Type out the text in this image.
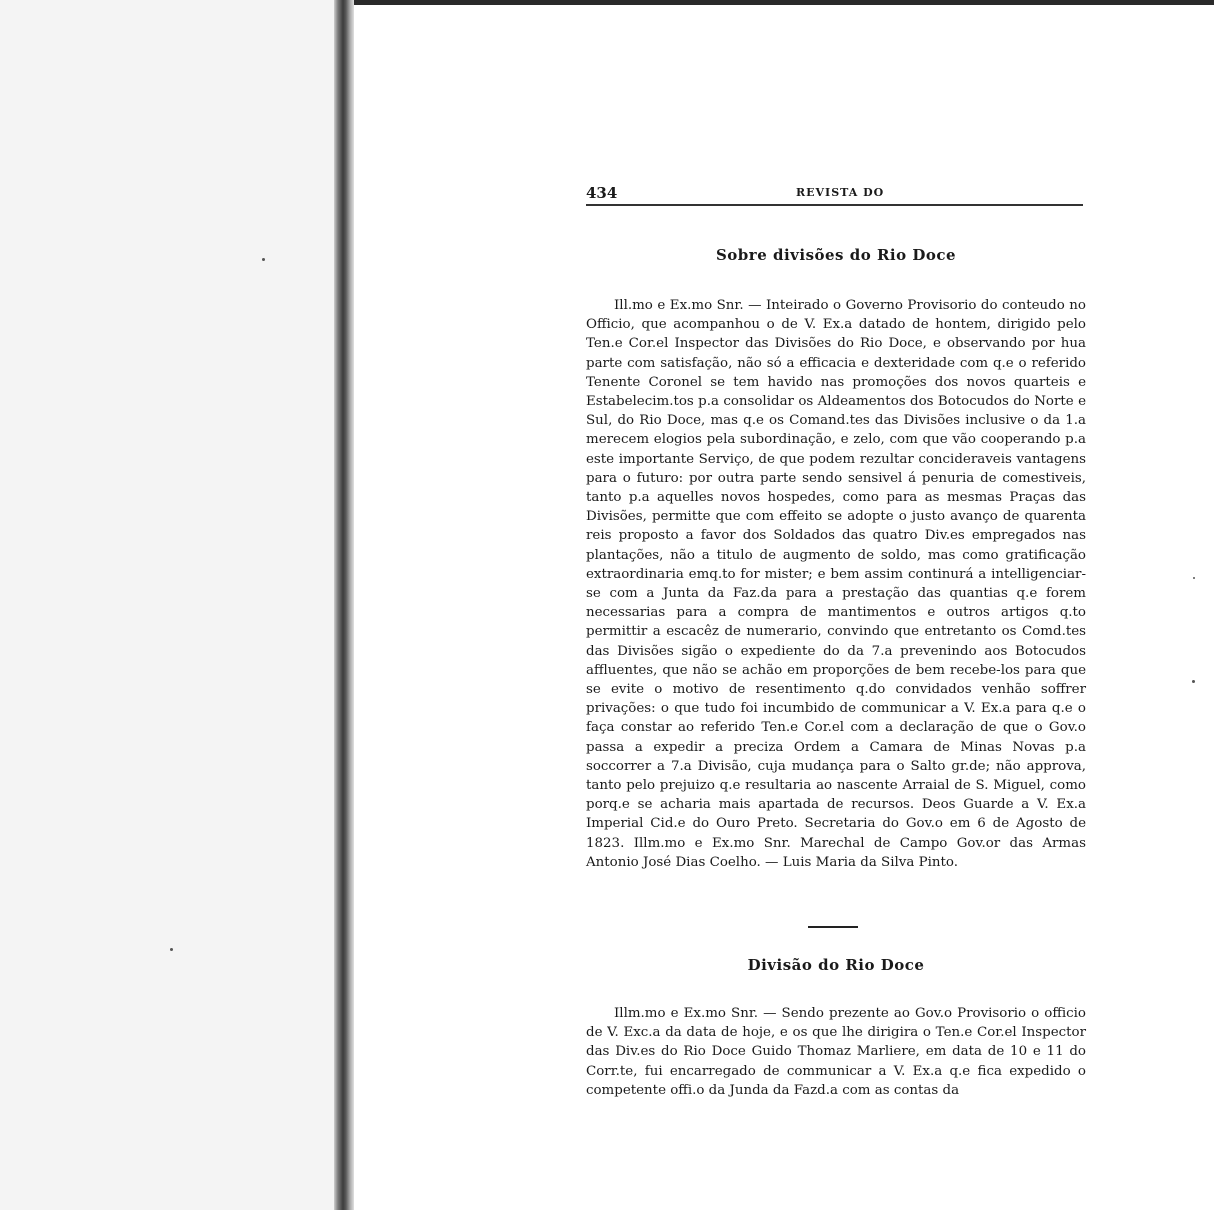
434	REVISTA DO
Sobre divisões do Rio Doce

Ill.mo e Ex.mo Snr. — Inteirado o Governo Provisorio do conteudo no Officio, que acompanhou o de V. Ex.a datado de hontem, dirigido pelo Ten.e Cor.el Inspector das Divisões do Rio Doce, e observando por hua parte com satisfação, não só a efficacia e dexteridade com q.e o referido Tenente Coronel se tem havido nas promoções dos novos quarteis e Estabelecim.tos p.a consolidar os Aldeamentos dos Botocudos do Norte e Sul, do Rio Doce, mas q.e os Comand.tes das Divisões inclusive o da 1.a merecem elogios pela subordinação, e zelo, com que vão cooperando p.a este importante Serviço, de que podem rezultar concideraveis vantagens para o futuro: por outra parte sendo sensivel á penuria de comestiveis, tanto p.a aquelles novos hospedes, como para as mesmas Praças das Divisões, permitte que com effeito se adopte o justo avanço de quarenta reis proposto a favor dos Soldados das quatro Div.es empregados nas plantações, não a titulo de augmento de soldo, mas como gratificação extraordinaria emq.to for mister; e bem assim continurá a intelligenciar-se com a Junta da Faz.da para a prestação das quantias q.e forem necessarias para a compra de mantimentos e outros artigos q.to permittir a escacêz de numerario, convindo que entretanto os Comd.tes das Divisões sigão o expediente do da 7.a prevenindo aos Botocudos affluentes, que não se achão em proporções de bem recebe-los para que se evite o motivo de resentimento q.do convidados venhão soffrer privações: o que tudo foi incumbido de communicar a V. Ex.a para q.e o faça constar ao referido Ten.e Cor.el com a declaração de que o Gov.o passa a expedir a preciza Ordem a Camara de Minas Novas p.a soccorrer a 7.a Divisão, cuja mudança para o Salto gr.de; não approva, tanto pelo prejuizo q.e resultaria ao nascente Arraial de S. Miguel, como porq.e se acharia mais apartada de recursos. Deos Guarde a V. Ex.a Imperial Cid.e do Ouro Preto. Secretaria do Gov.o em 6 de Agosto de 1823. Illm.mo e Ex.mo Snr. Marechal de Campo Gov.or das Armas Antonio José Dias Coelho. — Luis Maria da Silva Pinto.

Divisão do Rio Doce

Illm.mo e Ex.mo Snr. — Sendo prezente ao Gov.o Provisorio o officio de V. Exc.a da data de hoje, e os que lhe dirigira o Ten.e Cor.el Inspector das Div.es do Rio Doce Guido Thomaz Marliere, em data de 10 e 11 do Corr.te, fui encarregado de communicar a V. Ex.a q.e fica expedido o competente offi.o da Junda da Fazd.a com as contas da
